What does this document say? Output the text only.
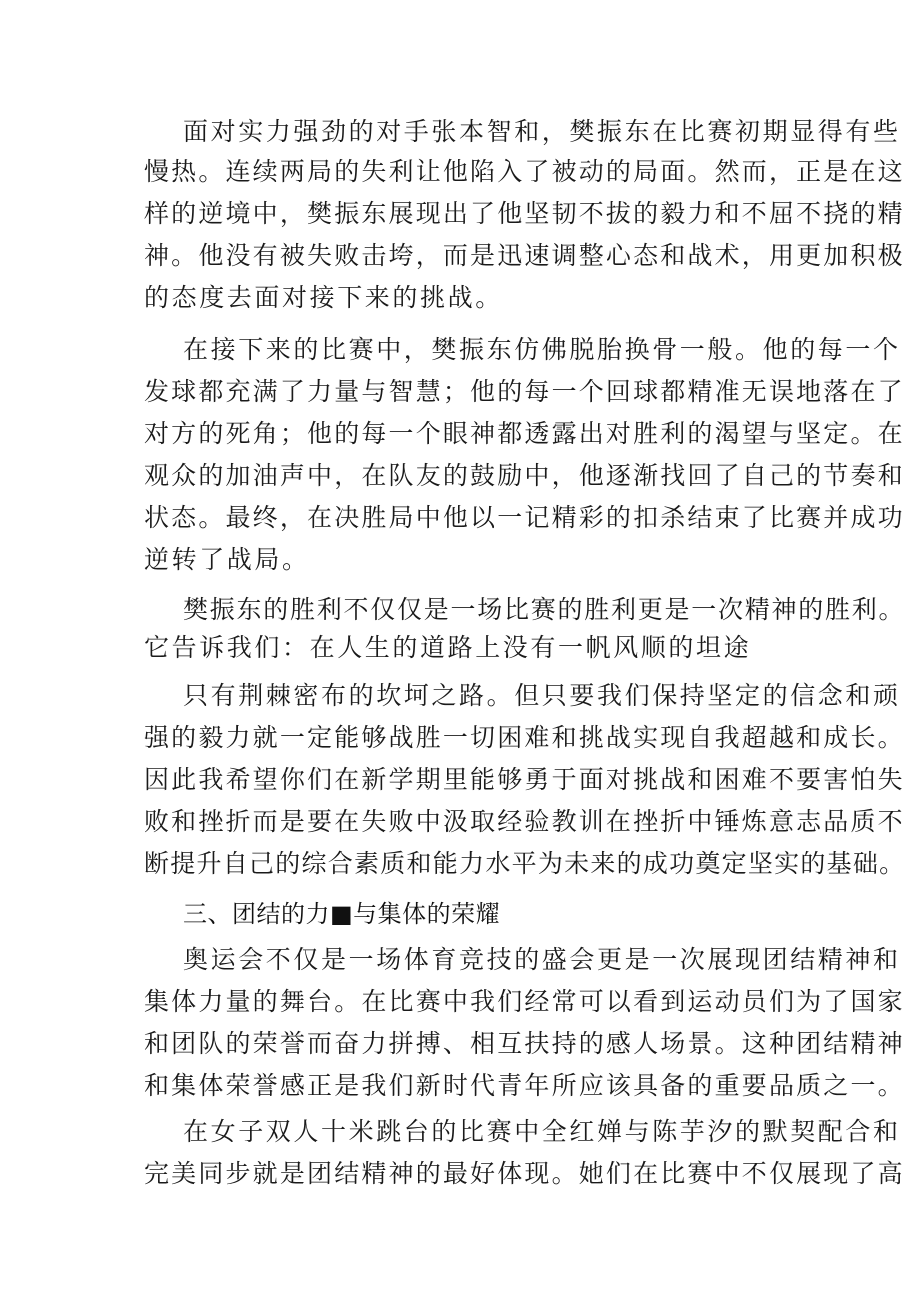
面对实力强劲的对手张本智和，樊振东在比赛初期显得有些
慢热。连续两局的失利让他陷入了被动的局面。然而，正是在这
样的逆境中，樊振东展现出了他坚韧不拔的毅力和不屈不挠的精
神。他没有被失败击垮，而是迅速调整心态和战术，用更加积极
的态度去面对接下来的挑战。
在接下来的比赛中，樊振东仿佛脱胎换骨一般。他的每一个
发球都充满了力量与智慧；他的每一个回球都精准无误地落在了
对方的死角；他的每一个眼神都透露出对胜利的渴望与坚定。在
观众的加油声中，在队友的鼓励中，他逐渐找回了自己的节奏和
状态。最终，在决胜局中他以一记精彩的扣杀结束了比赛并成功
逆转了战局。
樊振东的胜利不仅仅是一场比赛的胜利更是一次精神的胜利。
它告诉我们：在人生的道路上没有一帆风顺的坦途
只有荆棘密布的坎坷之路。但只要我们保持坚定的信念和顽
强的毅力就一定能够战胜一切困难和挑战实现自我超越和成长。
因此我希望你们在新学期里能够勇于面对挑战和困难不要害怕失
败和挫折而是要在失败中汲取经验教训在挫折中锤炼意志品质不
断提升自己的综合素质和能力水平为未来的成功奠定坚实的基础。
三、团结的力■与集体的荣耀
奥运会不仅是一场体育竞技的盛会更是一次展现团结精神和
集体力量的舞台。在比赛中我们经常可以看到运动员们为了国家
和团队的荣誉而奋力拼搏、相互扶持的感人场景。这种团结精神
和集体荣誉感正是我们新时代青年所应该具备的重要品质之一。
在女子双人十米跳台的比赛中全红婵与陈芋汐的默契配合和
完美同步就是团结精神的最好体现。她们在比赛中不仅展现了高
